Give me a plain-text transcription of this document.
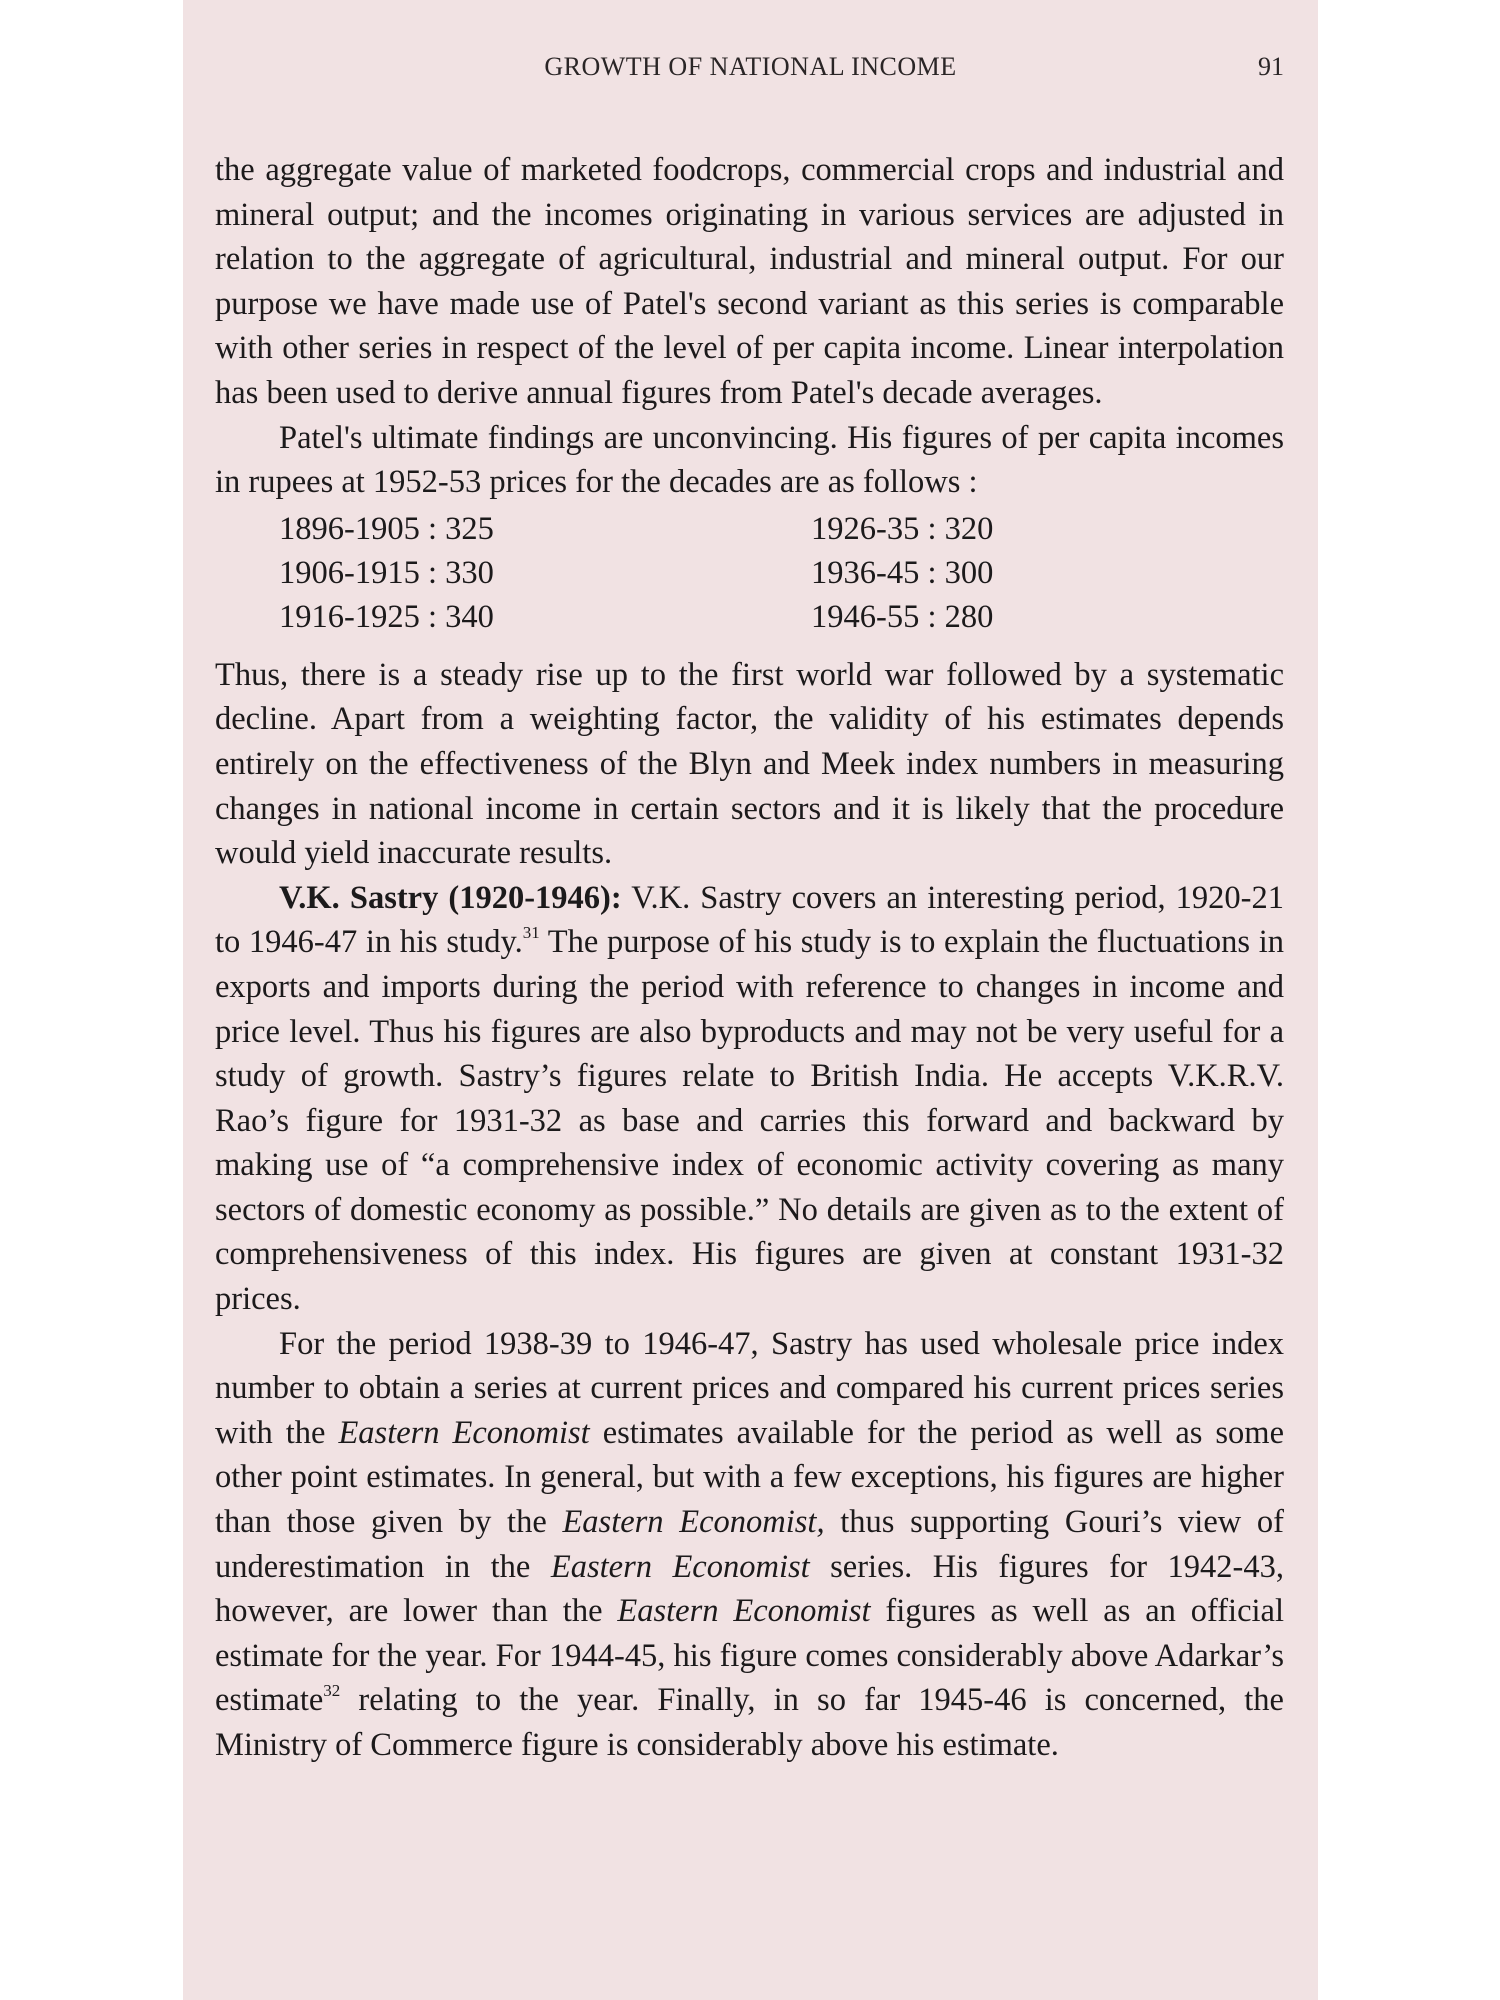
GROWTH OF NATIONAL INCOME	91

the aggregate value of marketed foodcrops, commercial crops and industrial and mineral output; and the incomes originating in various services are adjusted in relation to the aggregate of agricultural, industrial and mineral output. For our purpose we have made use of Patel's second variant as this series is comparable with other series in respect of the level of per capita income. Linear interpolation has been used to derive annual figures from Patel's decade averages.

Patel's ultimate findings are unconvincing. His figures of per capita incomes in rupees at 1952-53 prices for the decades are as follows :

1896-1905 : 325	1926-35 : 320
1906-1915 : 330	1936-45 : 300
1916-1925 : 340	1946-55 : 280

Thus, there is a steady rise up to the first world war followed by a systematic decline. Apart from a weighting factor, the validity of his estimates depends entirely on the effectiveness of the Blyn and Meek index numbers in measuring changes in national income in certain sectors and it is likely that the procedure would yield inaccurate results.

V.K. Sastry (1920-1946): V.K. Sastry covers an interesting period, 1920-21 to 1946-47 in his study.$^{31}$ The purpose of his study is to explain the fluctuations in exports and imports during the period with reference to changes in income and price level. Thus his figures are also byproducts and may not be very useful for a study of growth. Sastry’s figures relate to British India. He accepts V.K.R.V. Rao’s figure for 1931-32 as base and carries this forward and backward by making use of “a comprehensive index of economic activity covering as many sectors of domestic economy as possible.” No details are given as to the extent of comprehensiveness of this index. His figures are given at constant 1931-32 prices.

For the period 1938-39 to 1946-47, Sastry has used wholesale price index number to obtain a series at current prices and compared his current prices series with the Eastern Economist estimates available for the period as well as some other point estimates. In general, but with a few exceptions, his figures are higher than those given by the Eastern Economist, thus supporting Gouri’s view of underestimation in the Eastern Economist series. His figures for 1942-43, however, are lower than the Eastern Economist figures as well as an official estimate for the year. For 1944-45, his figure comes considerably above Adarkar’s estimate$^{32}$ relating to the year. Finally, in so far 1945-46 is concerned, the Ministry of Commerce figure is considerably above his estimate.
